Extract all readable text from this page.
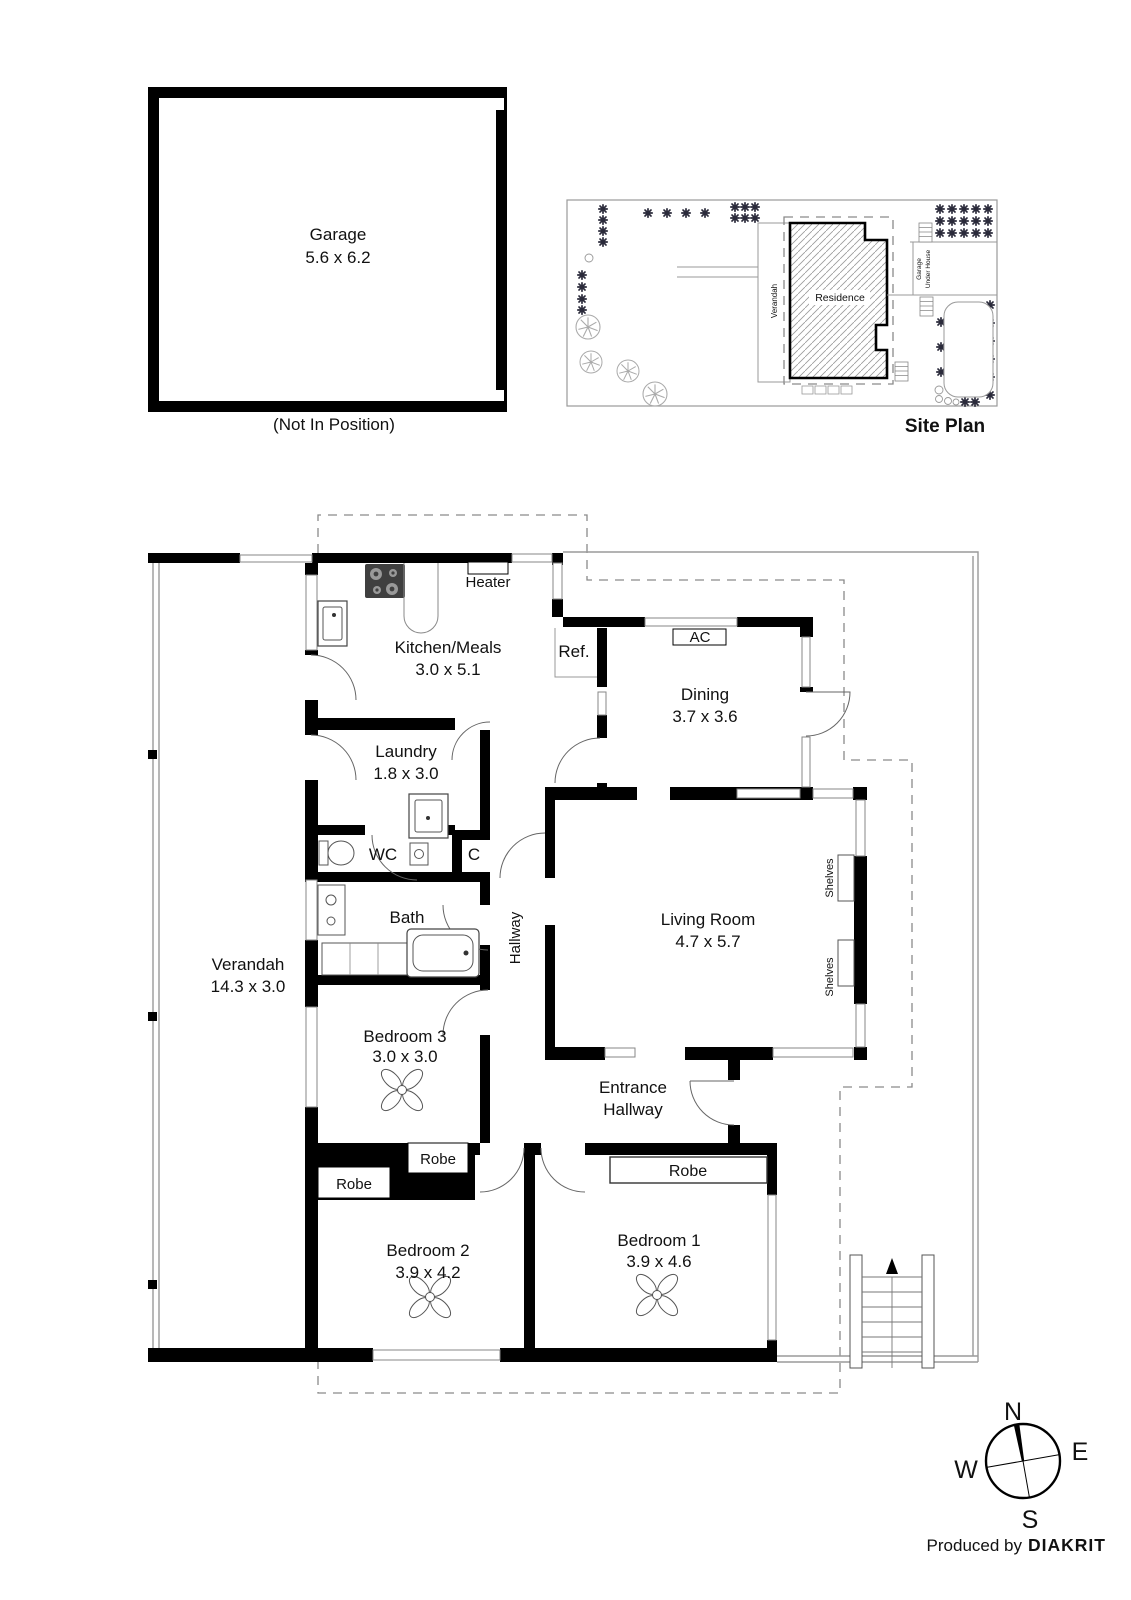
Garage
5.6 x 6.2
(Not In Position)
Verandah	Residence
Garage Under House
Site Plan
Heater
Kitchen/Meals
3.0 x 5.1
Ref.
AC
Dining
3.7 x 3.6
Laundry
1.8 x 3.0
WC	C
Bath	Hallway	Living Room
4.7 x 5.7
Shelves
Shelves
Verandah
14.3 x 3.0
Bedroom 3
3.0 x 3.0
Entrance
Hallway
Robe
Robe
Robe
Bedroom 2
3.9 x 4.2
Bedroom 1
3.9 x 4.6
N
E
W
S
Produced by DIAKRIT
